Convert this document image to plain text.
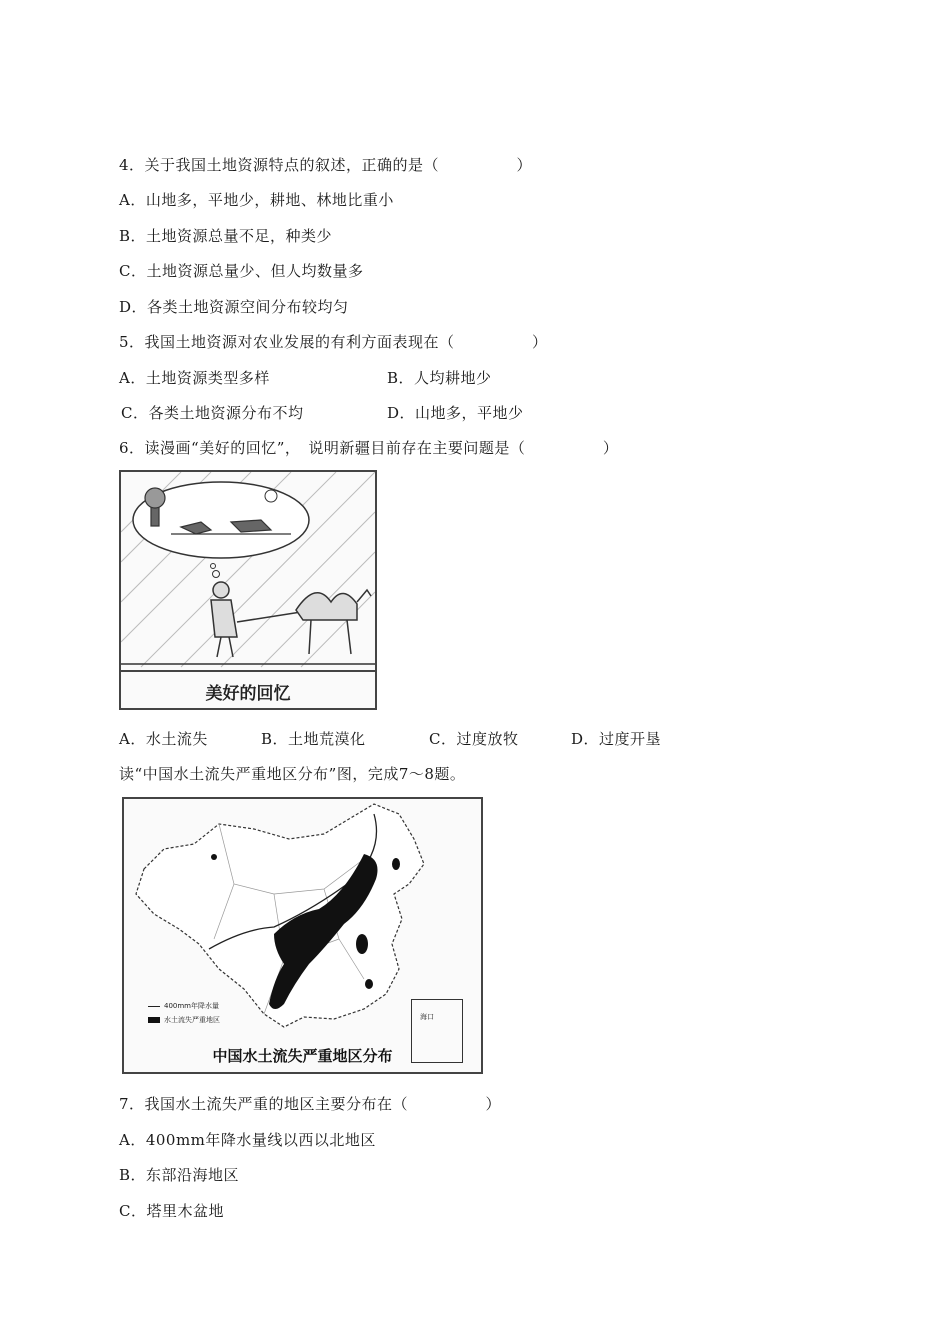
4．关于我国土地资源特点的叙述，正确的是（　　　　　）
A．山地多，平地少，耕地、林地比重小
B．土地资源总量不足，种类少
C．土地资源总量少、但人均数量多
D．各类土地资源空间分布较均匀
5．我国土地资源对农业发展的有利方面表现在（　　　　　）
A．土地资源类型多样	B．人均耕地少
C．各类土地资源分布不均	D．山地多，平地少
6．读漫画“美好的回忆”，　说明新疆目前存在主要问题是（　　　　　）
美好的回忆
A．水土流失	B．土地荒漠化	C．过度放牧	D．过度开垦
读“中国水土流失严重地区分布”图，完成7～8题。
400mm年降水量
水土流失严重地区	海口
中国水土流失严重地区分布
7．我国水土流失严重的地区主要分布在（　　　　　）
A．400mm年降水量线以西以北地区
B．东部沿海地区
C．塔里木盆地
